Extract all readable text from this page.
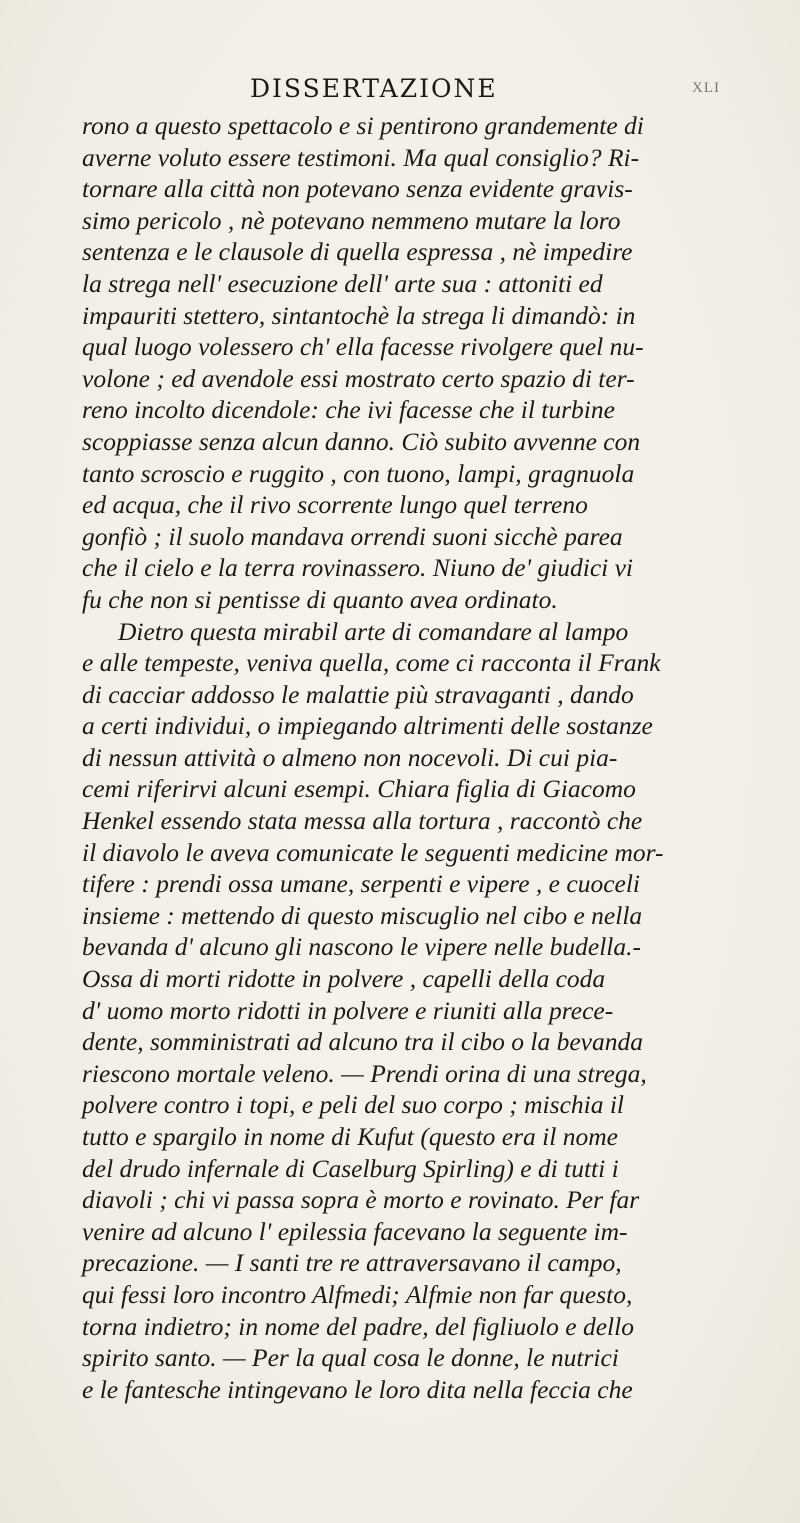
DISSERTAZIONE	XLI
rono a questo spettacolo e si pentirono grandemente di
averne voluto essere testimoni. Ma qual consiglio? Ri-
tornare alla città non potevano senza evidente gravis-
simo pericolo , nè potevano nemmeno mutare la loro
sentenza e le clausole di quella espressa , nè impedire
la strega nell' esecuzione dell' arte sua : attoniti ed
impauriti stettero, sintantochè la strega li dimandò: in
qual luogo volessero ch' ella facesse rivolgere quel nu-
volone ; ed avendole essi mostrato certo spazio di ter-
reno incolto dicendole: che ivi facesse che il turbine
scoppiasse senza alcun danno. Ciò subito avvenne con
tanto scroscio e ruggito , con tuono, lampi, gragnuola
ed acqua, che il rivo scorrente lungo quel terreno
gonfiò ; il suolo mandava orrendi suoni sicchè parea
che il cielo e la terra rovinassero. Niuno de' giudici vi
fu che non si pentisse di quanto avea ordinato.
Dietro questa mirabil arte di comandare al lampo
e alle tempeste, veniva quella, come ci racconta il Frank
di cacciar addosso le malattie più stravaganti , dando
a certi individui, o impiegando altrimenti delle sostanze
di nessun attività o almeno non nocevoli. Di cui pia-
cemi riferirvi alcuni esempi. Chiara figlia di Giacomo
Henkel essendo stata messa alla tortura , raccontò che
il diavolo le aveva comunicate le seguenti medicine mor-
tifere : prendi ossa umane, serpenti e vipere , e cuoceli
insieme : mettendo di questo miscuglio nel cibo e nella
bevanda d' alcuno gli nascono le vipere nelle budella.-
Ossa di morti ridotte in polvere , capelli della coda
d' uomo morto ridotti in polvere e riuniti alla prece-
dente, somministrati ad alcuno tra il cibo o la bevanda
riescono mortale veleno. — Prendi orina di una strega,
polvere contro i topi, e peli del suo corpo ; mischia il
tutto e spargilo in nome di Kufut (questo era il nome
del drudo infernale di Caselburg Spirling) e di tutti i
diavoli ; chi vi passa sopra è morto e rovinato. Per far
venire ad alcuno l' epilessia facevano la seguente im-
precazione. — I santi tre re attraversavano il campo,
qui fessi loro incontro Alfmedi; Alfmie non far questo,
torna indietro; in nome del padre, del figliuolo e dello
spirito santo. — Per la qual cosa le donne, le nutrici
e le fantesche intingevano le loro dita nella feccia che
